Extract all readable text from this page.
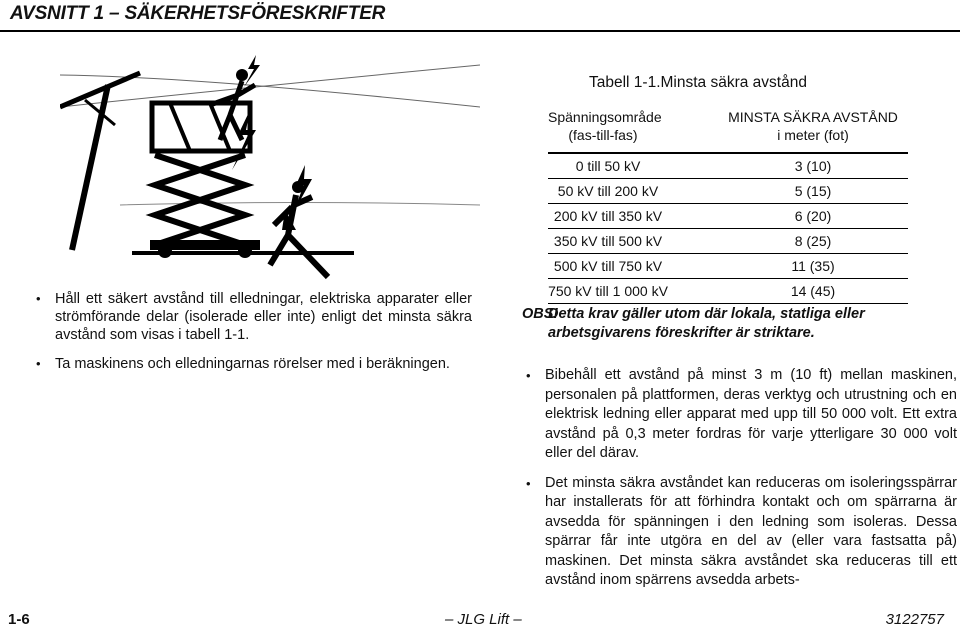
AVSNITT 1 – SÄKERHETSFÖRESKRIFTER
• Håll ett säkert avstånd till elledningar, elektriska apparater eller strömförande delar (isolerade eller inte) enligt det minsta säkra avstånd som visas i tabell 1-1.
• Ta maskinens och elledningarnas rörelser med i beräkningen.
Tabell 1-1.Minsta säkra avstånd
Spänningsområde
(fas-till-fas)
MINSTA SÄKRA AVSTÅND
i meter (fot)
0 till 50 kV	3 (10)
50 kV till 200 kV	5 (15)
200 kV till 350 kV	6 (20)
350 kV till 500 kV	8 (25)
500 kV till 750 kV	11 (35)
750 kV till 1 000 kV	14 (45)
OBS!
Detta krav gäller utom där lokala, statliga eller arbetsgivarens föreskrifter är striktare.
• Bibehåll ett avstånd på minst 3 m (10 ft) mellan maskinen, personalen på plattformen, deras verktyg och utrustning och en elektrisk ledning eller apparat med upp till 50 000 volt. Ett extra avstånd på 0,3 meter fordras för varje ytterligare 30 000 volt eller del därav.
• Det minsta säkra avståndet kan reduceras om isoleringsspärrar har installerats för att förhindra kontakt och om spärrarna är avsedda för spänningen i den ledning som isoleras. Dessa spärrar får inte utgöra en del av (eller vara fastsatta på) maskinen. Det minsta säkra avståndet ska reduceras till ett avstånd inom spärrens avsedda arbets-
1-6	– JLG Lift –	3122757
